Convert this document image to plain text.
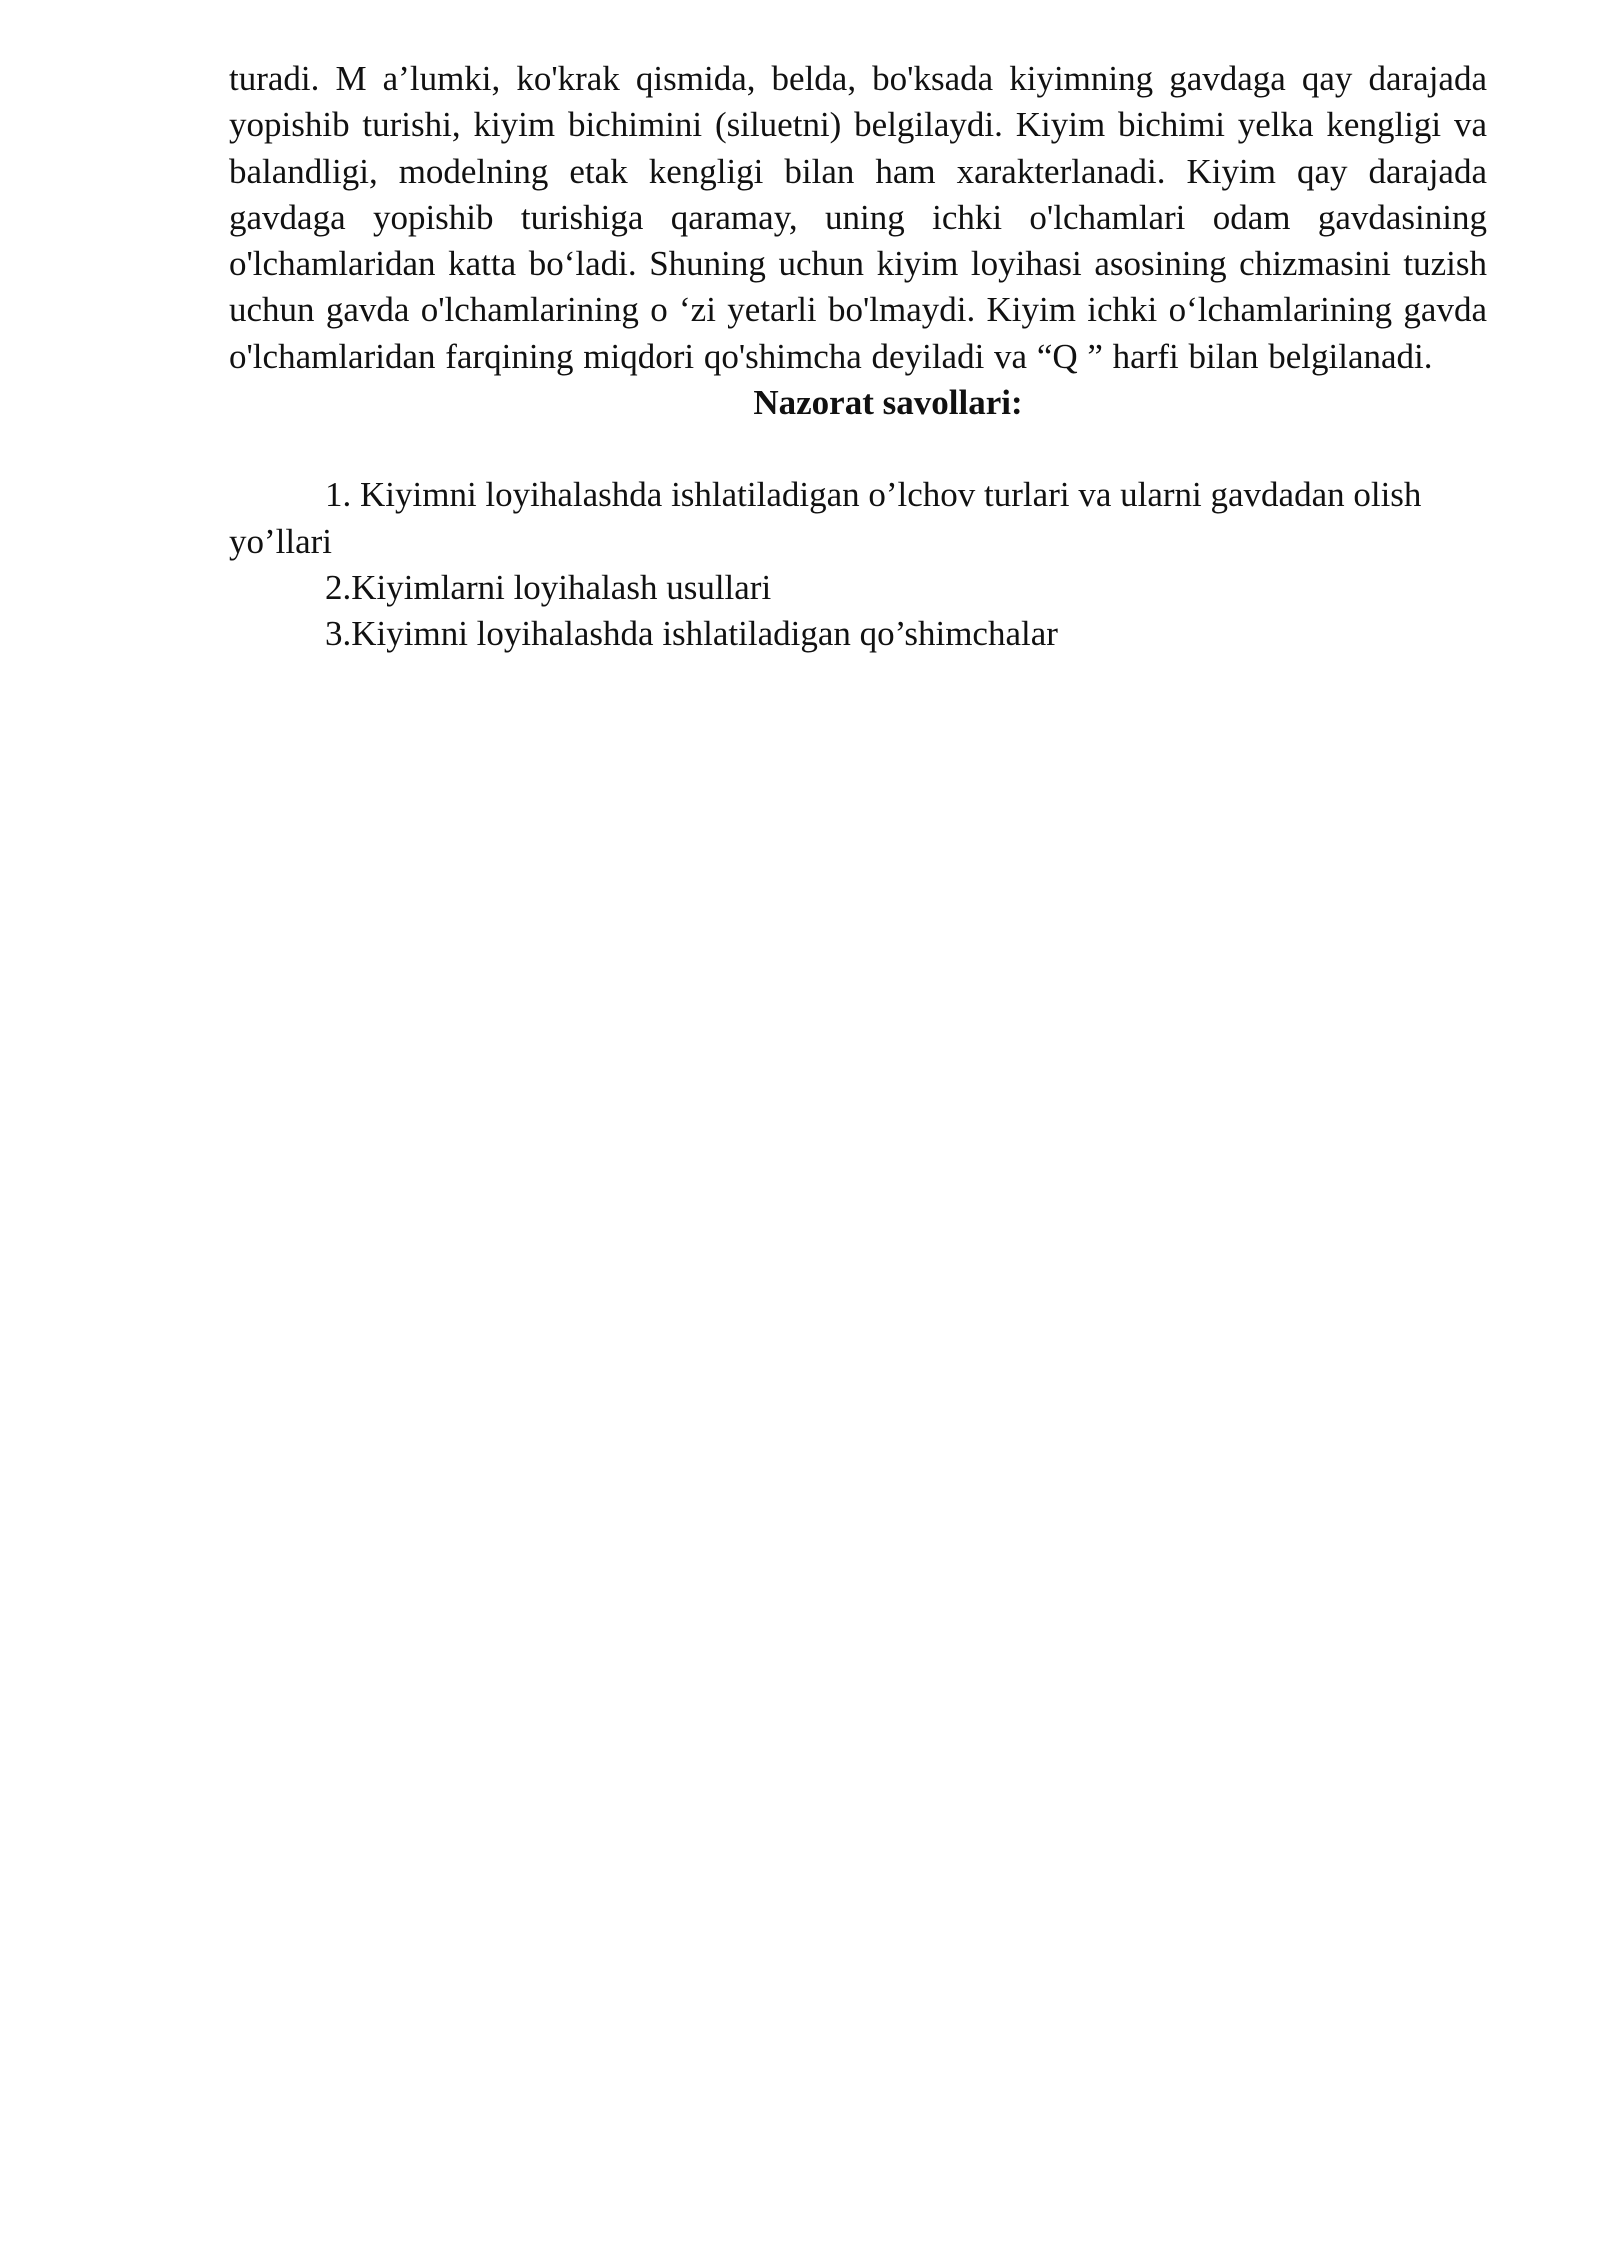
turadi. M a’lumki, ko'krak qismida, belda, bo'ksada kiyimning gavdaga qay darajada yopishib turishi, kiyim bichimini (siluetni) belgilaydi. Kiyim bichimi yelka kengligi va balandligi, modelning etak kengligi bilan ham xarakterlanadi. Kiyim qay darajada gavdaga yopishib turishiga qaramay, uning ichki o'lchamlari odam gavdasining o'lchamlaridan katta bo‘ladi. Shuning uchun kiyim loyihasi asosining chizmasini tuzish uchun gavda o'lchamlarining o ‘zi yetarli bo'lmaydi. Kiyim ichki o‘lchamlarining gavda o'lchamlaridan farqining miqdori qo'shimcha deyiladi va “Q ” harfi bilan belgilanadi.

Nazorat savollari:

1. Kiyimni loyihalashda ishlatiladigan o’lchov turlari va ularni gavdadan olish yo’llari

2.Kiyimlarni loyihalash usullari

3.Kiyimni loyihalashda ishlatiladigan qo’shimchalar
